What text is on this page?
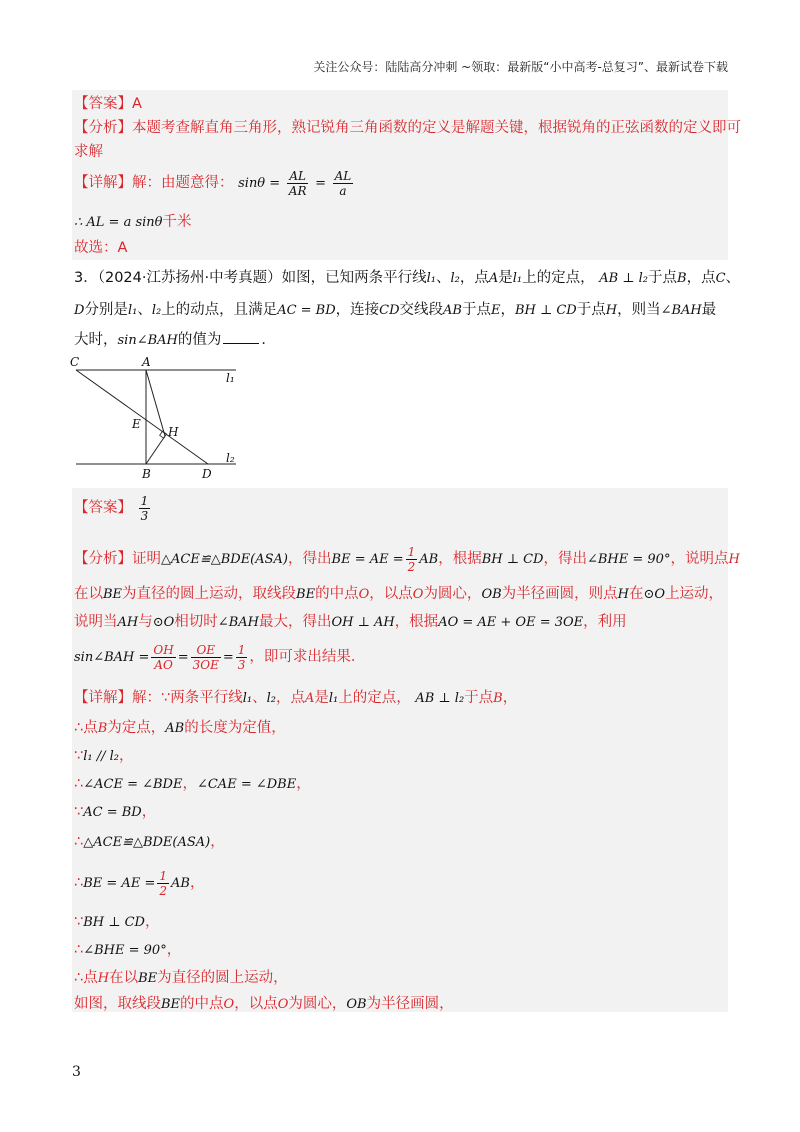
关注公众号：陆陆高分冲刺 ~领取：最新版“小中高考-总复习”、最新试卷下载
【答案】A
【分析】本题考查解直角三角形，熟记锐角三角函数的定义是解题关键，根据锐角的正弦函数的定义即可
求解
【详解】解：由题意得： $\sin\theta = \frac{AL}{AR} = \frac{AL}{a}$
∴ AL = a sinθ千米
故选：A
3．（2024·江苏扬州·中考真题）如图，已知两条平行线l₁、l₂，点A是l₁上的定点， AB ⊥ l₂于点B，点C、
D分别是l₁、l₂上的动点，且满足AC = BD，连接CD交线段AB于点E，BH ⊥ CD于点H，则当∠BAH最
大时，sin∠BAH的值为	．
C	A
l₁
E
H
B	D
l₂
【答案】 $\frac{1}{3}$
【分析】证明△ACE≌△BDE(ASA)，得出BE = AE = $\frac{1}{2}$ AB，根据BH ⊥ CD，得出∠BHE = 90°，说明点H
在以BE为直径的圆上运动，取线段BE的中点O，以点O为圆心，OB为半径画圆，则点H在⊙O上运动，
说明当AH与⊙O相切时∠BAH最大，得出OH ⊥ AH，根据AO = AE + OE = 3OE，利用
sin∠BAH = $\frac{OH}{AO} = \frac{OE}{3OE} = \frac{1}{3}$ ，即可求出结果．
【详解】解：∵两条平行线l₁、l₂，点A是l₁上的定点， AB ⊥ l₂于点B，
∴点B为定点，AB的长度为定值，
∵l₁ // l₂，
∴∠ACE = ∠BDE，∠CAE = ∠DBE，
∵AC = BD，
∴△ACE≌△BDE(ASA)，
∴BE = AE = $\frac{1}{2}$ AB，
∵BH ⊥ CD，
∴∠BHE = 90°，
∴点H在以BE为直径的圆上运动，
如图，取线段BE的中点O，以点O为圆心，OB为半径画圆，
3
